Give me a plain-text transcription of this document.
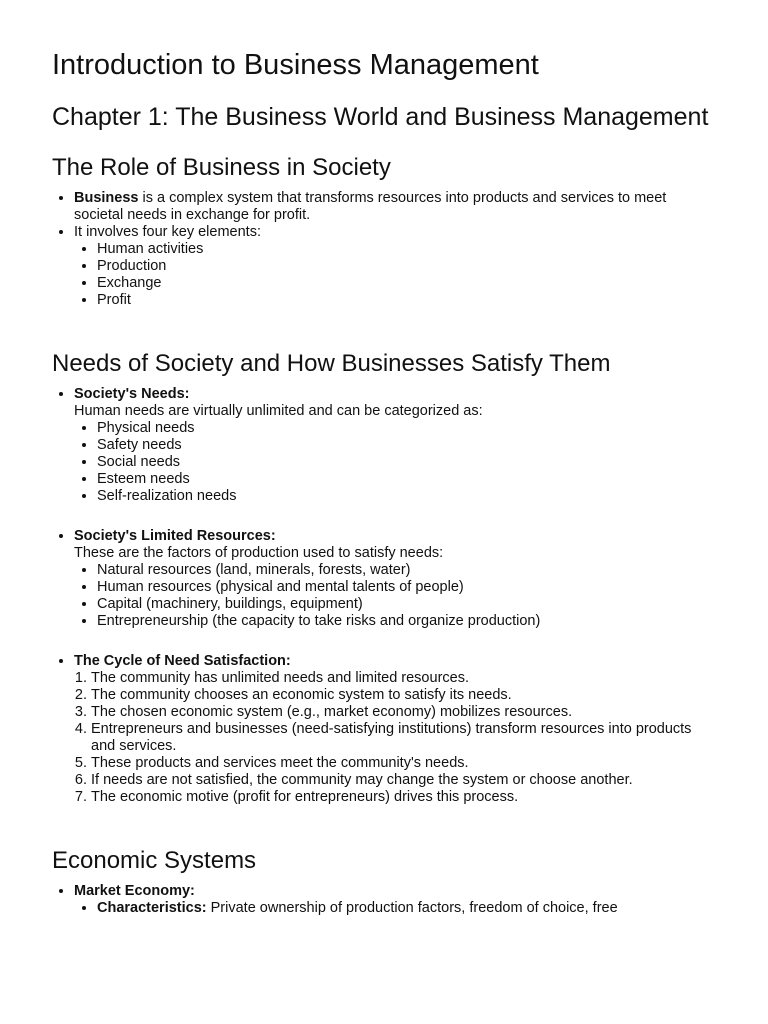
Introduction to Business Management
Chapter 1: The Business World and Business Management
The Role of Business in Society
• Business is a complex system that transforms resources into products and services to meet societal needs in exchange for profit.
• It involves four key elements:
• Human activities
• Production
• Exchange
• Profit
Needs of Society and How Businesses Satisfy Them
• Society's Needs:
Human needs are virtually unlimited and can be categorized as:
• Physical needs
• Safety needs
• Social needs
• Esteem needs
• Self-realization needs
• Society's Limited Resources:
These are the factors of production used to satisfy needs:
• Natural resources (land, minerals, forests, water)
• Human resources (physical and mental talents of people)
• Capital (machinery, buildings, equipment)
• Entrepreneurship (the capacity to take risks and organize production)
• The Cycle of Need Satisfaction:
1. The community has unlimited needs and limited resources.
2. The community chooses an economic system to satisfy its needs.
3. The chosen economic system (e.g., market economy) mobilizes resources.
4. Entrepreneurs and businesses (need-satisfying institutions) transform resources into products and services.
5. These products and services meet the community's needs.
6. If needs are not satisfied, the community may change the system or choose another.
7. The economic motive (profit for entrepreneurs) drives this process.
Economic Systems
• Market Economy:
• Characteristics: Private ownership of production factors, freedom of choice, free
